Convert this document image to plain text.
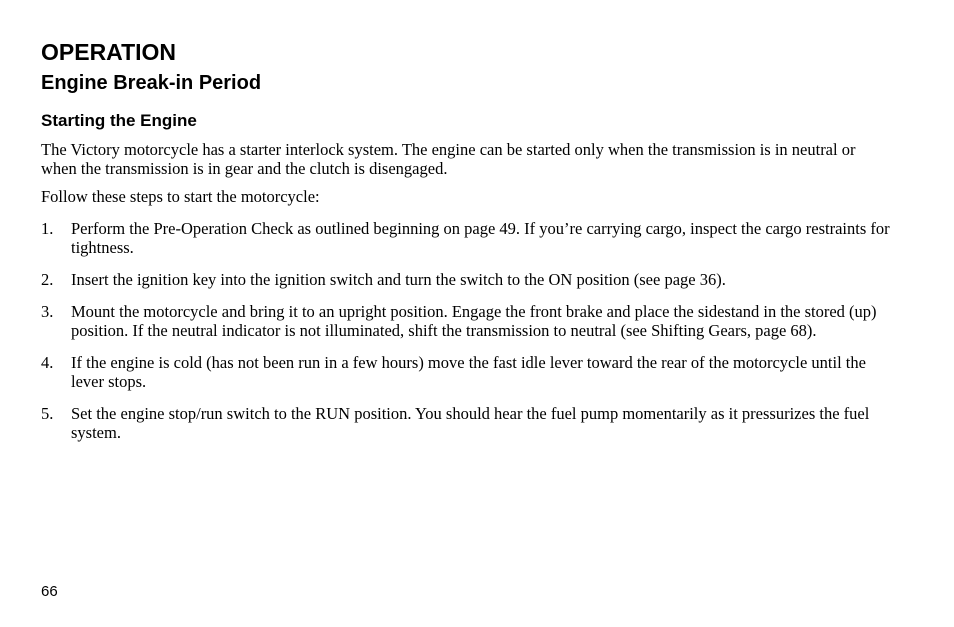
OPERATION
Engine Break-in Period
Starting the Engine

The Victory motorcycle has a starter interlock system. The engine can be started only when the transmission is in neutral or when the transmission is in gear and the clutch is disengaged.

Follow these steps to start the motorcycle:

1. Perform the Pre-Operation Check as outlined beginning on page 49. If you’re carrying cargo, inspect the cargo restraints for tightness.
2. Insert the ignition key into the ignition switch and turn the switch to the ON position (see page 36).
3. Mount the motorcycle and bring it to an upright position. Engage the front brake and place the sidestand in the stored (up) position. If the neutral indicator is not illuminated, shift the transmission to neutral (see Shifting Gears, page 68).
4. If the engine is cold (has not been run in a few hours) move the fast idle lever toward the rear of the motorcycle until the lever stops.
5. Set the engine stop/run switch to the RUN position. You should hear the fuel pump momentarily as it pressurizes the fuel system.
66
